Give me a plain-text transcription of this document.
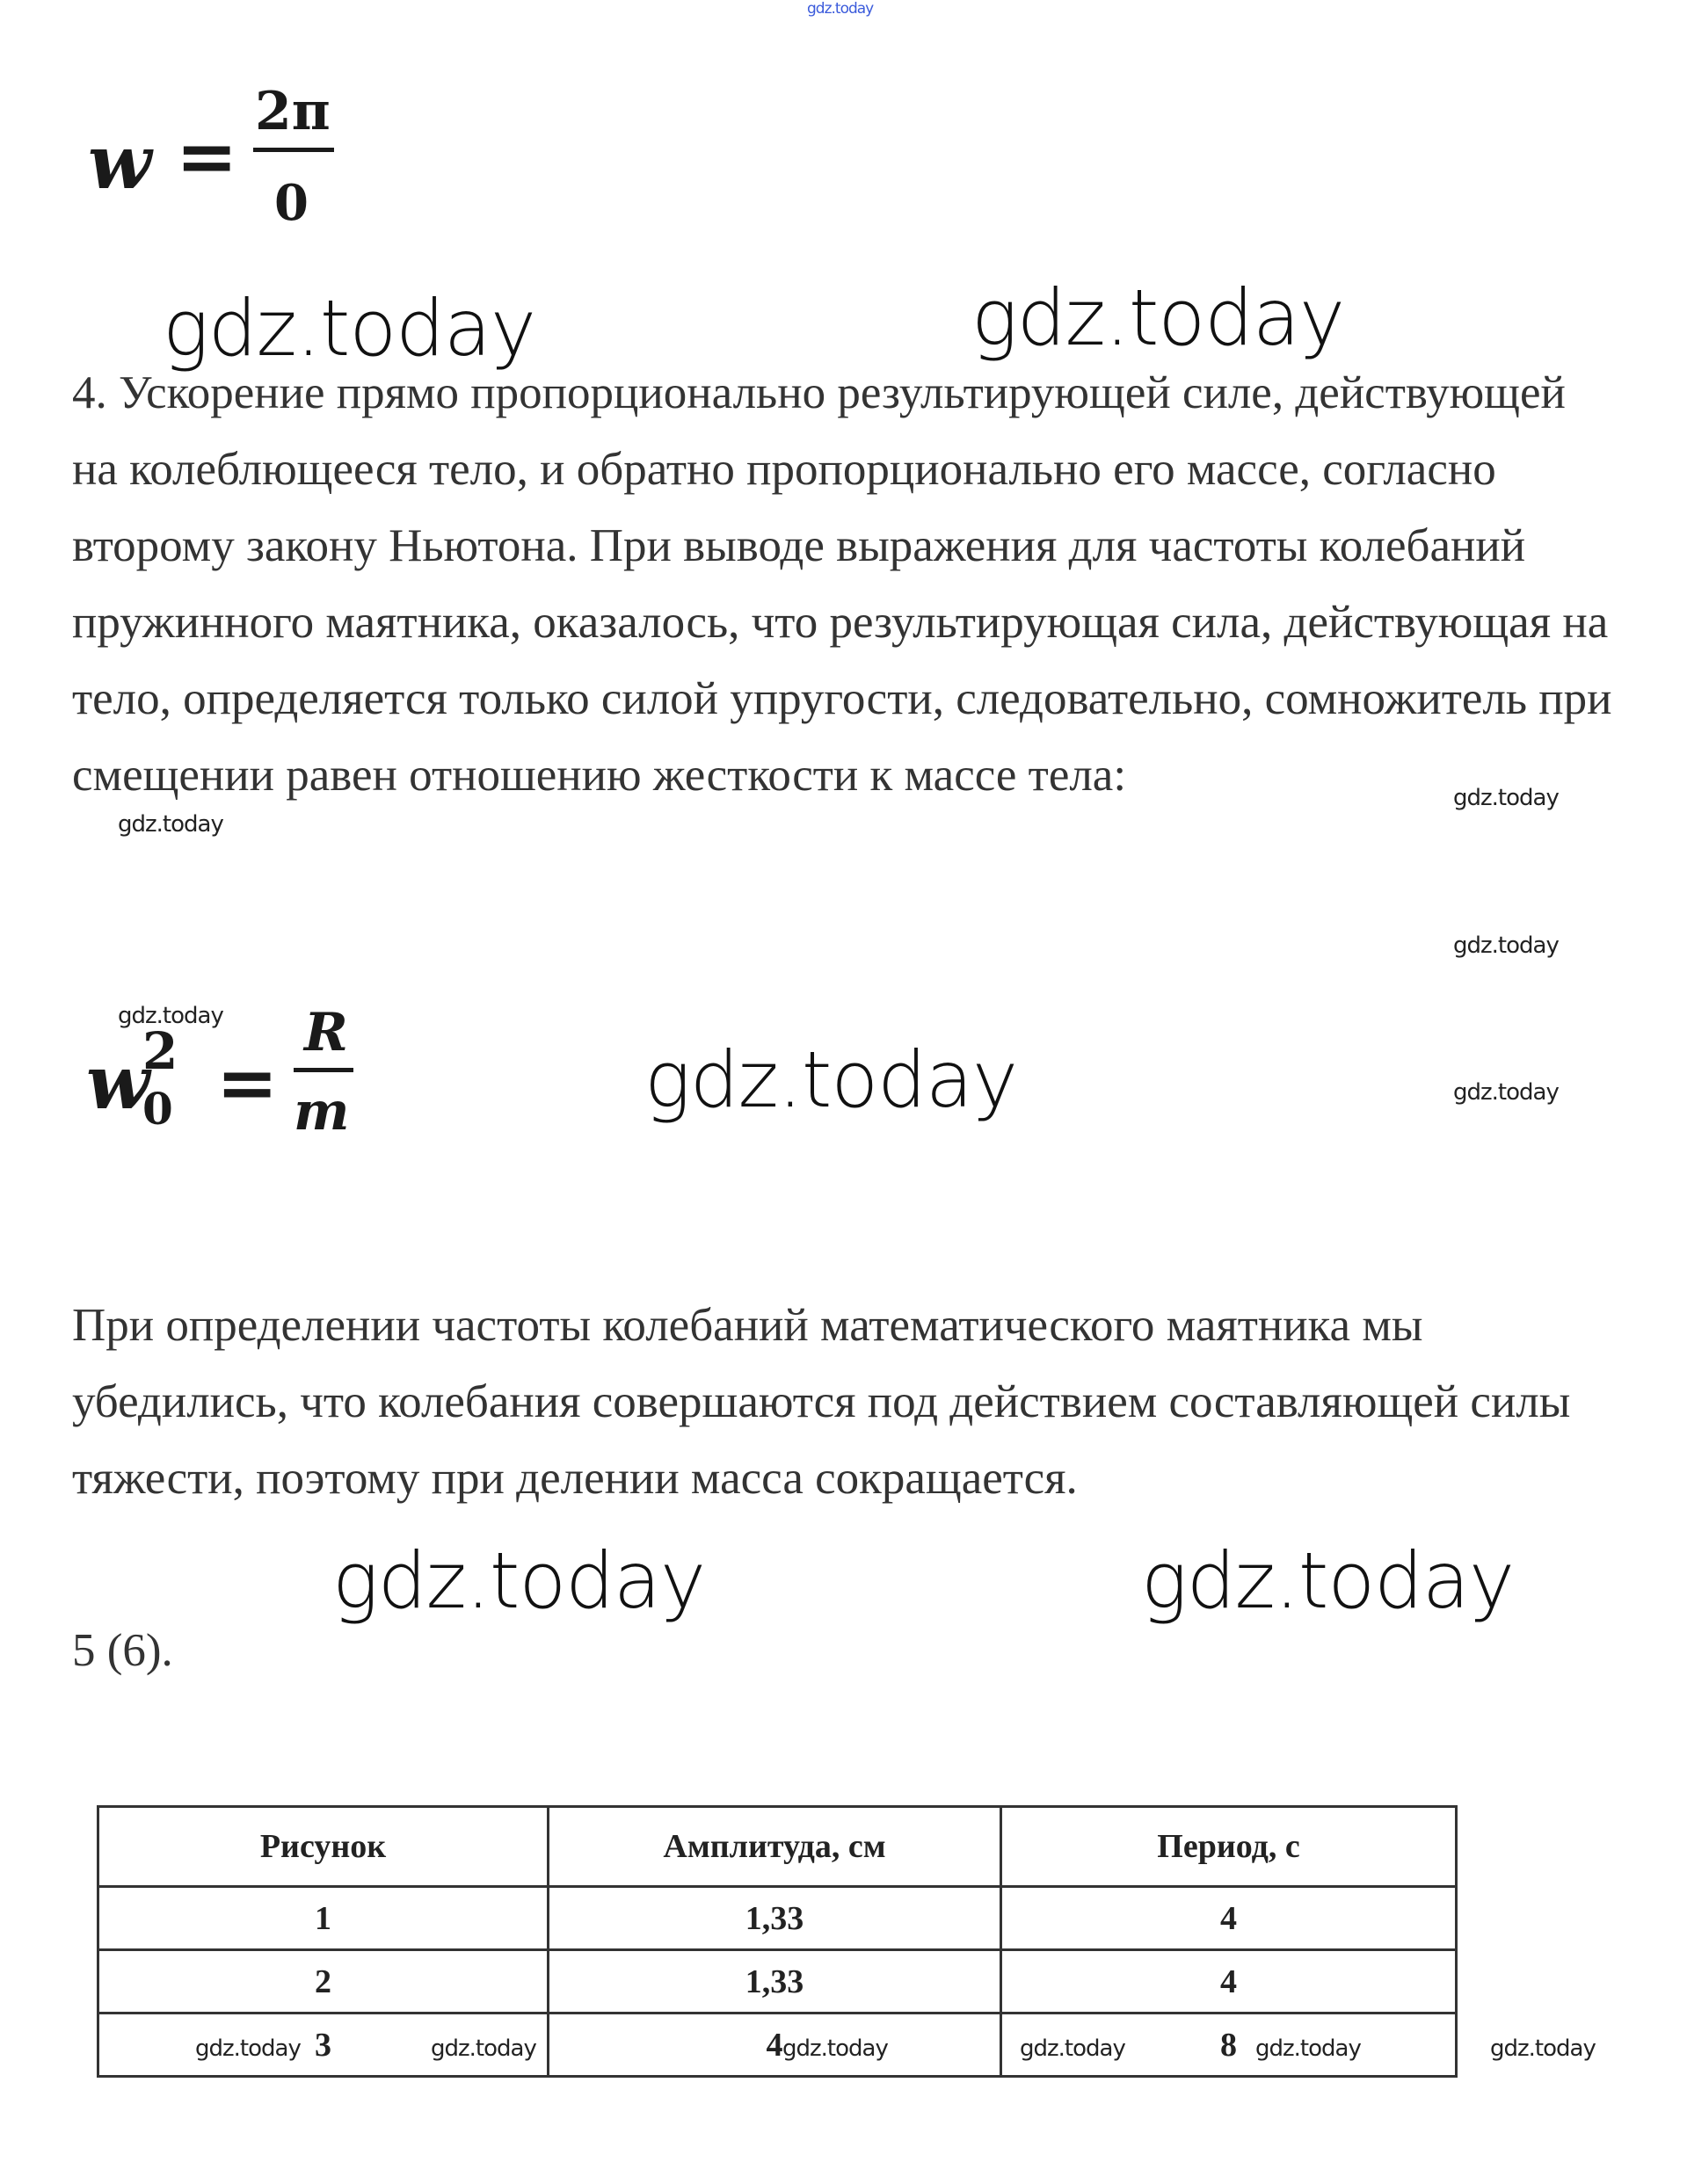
gdz.today
w =
2π
0
gdz.today	gdz.today

4. Ускорение прямо пропорционально результирующей силе, действующей на колеблющееся тело, и обратно пропорционально его массе, согласно второму закону Ньютона. При выводе выражения для частоты колебаний пружинного маятника, оказалось, что результирующая сила, действующая на тело, определяется только силой упругости, следовательно, сомножитель при смещении равен отношению жесткости к массе тела:	gdz.today
gdz.today
gdz.today
gdz.today
gdz.today
w
2
0 =
R
m	gdz.today

При определении частоты колебаний математического маятника мы убедились, что колебания совершаются под действием составляющей силы тяжести, поэтому при делении масса сокращается.

gdz.today	gdz.today

5 (6).

Рисунок	Амплитуда, см	Период, с
1	1,33	4
2	1,33	4
3	4	8
gdz.today	gdz.today	gdz.today	gdz.today	gdz.today	gdz.today
